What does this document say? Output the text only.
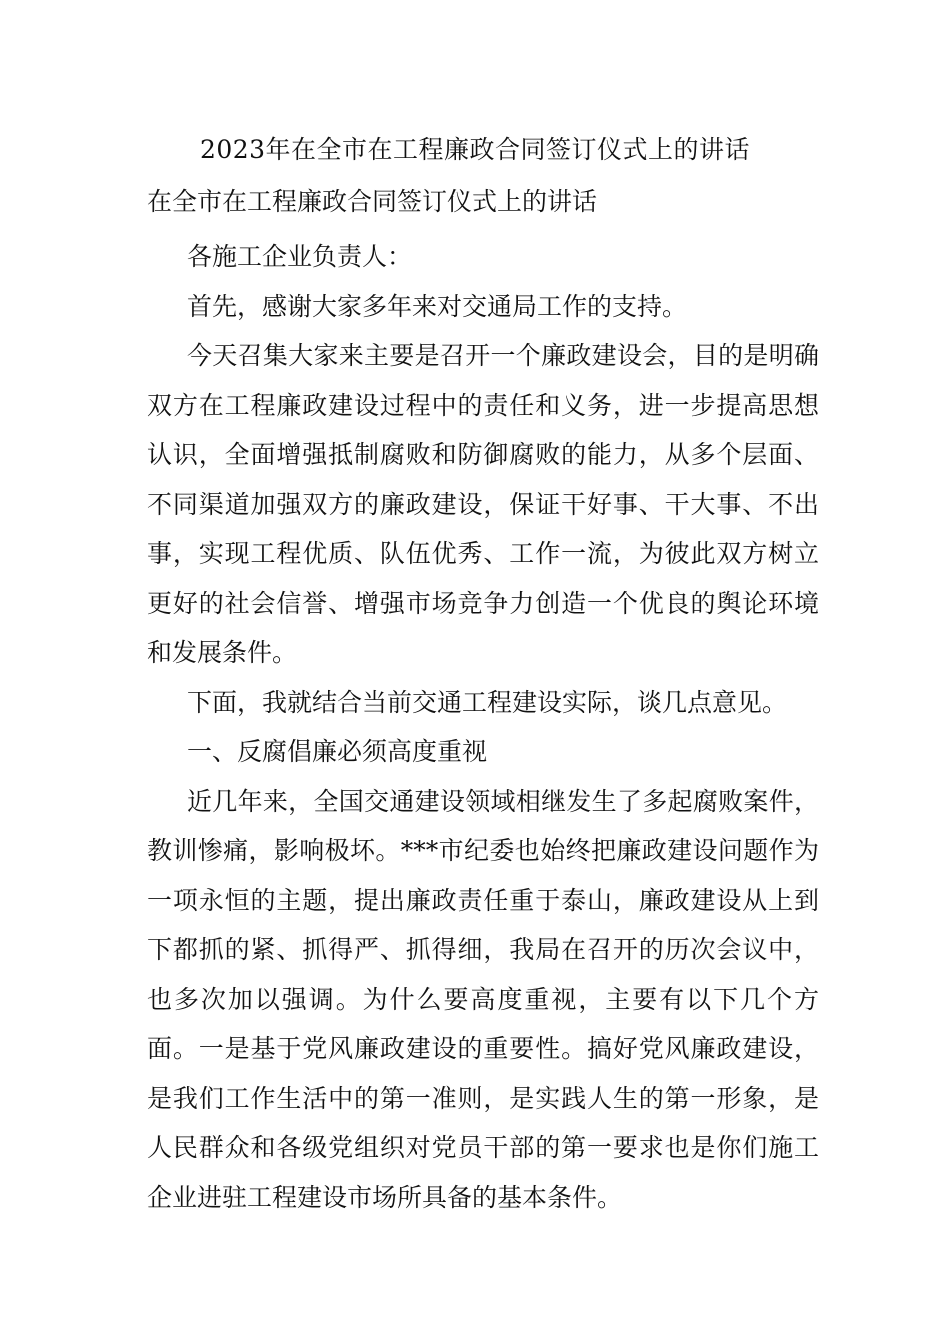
2023年在全市在工程廉政合同签订仪式上的讲话
在全市在工程廉政合同签订仪式上的讲话

各施工企业负责人：

首先，感谢大家多年来对交通局工作的支持。

今天召集大家来主要是召开一个廉政建设会，目的是明确双方在工程廉政建设过程中的责任和义务，进一步提高思想认识，全面增强抵制腐败和防御腐败的能力，从多个层面、不同渠道加强双方的廉政建设，保证干好事、干大事、不出事，实现工程优质、队伍优秀、工作一流，为彼此双方树立更好的社会信誉、增强市场竞争力创造一个优良的舆论环境和发展条件。

下面，我就结合当前交通工程建设实际，谈几点意见。

一、反腐倡廉必须高度重视

近几年来，全国交通建设领域相继发生了多起腐败案件，教训惨痛，影响极坏。***市纪委也始终把廉政建设问题作为一项永恒的主题，提出廉政责任重于泰山，廉政建设从上到下都抓的紧、抓得严、抓得细，我局在召开的历次会议中，也多次加以强调。为什么要高度重视，主要有以下几个方面。一是基于党风廉政建设的重要性。搞好党风廉政建设，是我们工作生活中的第一准则，是实践人生的第一形象，是人民群众和各级党组织对党员干部的第一要求也是你们施工企业进驻工程建设市场所具备的基本条件。
